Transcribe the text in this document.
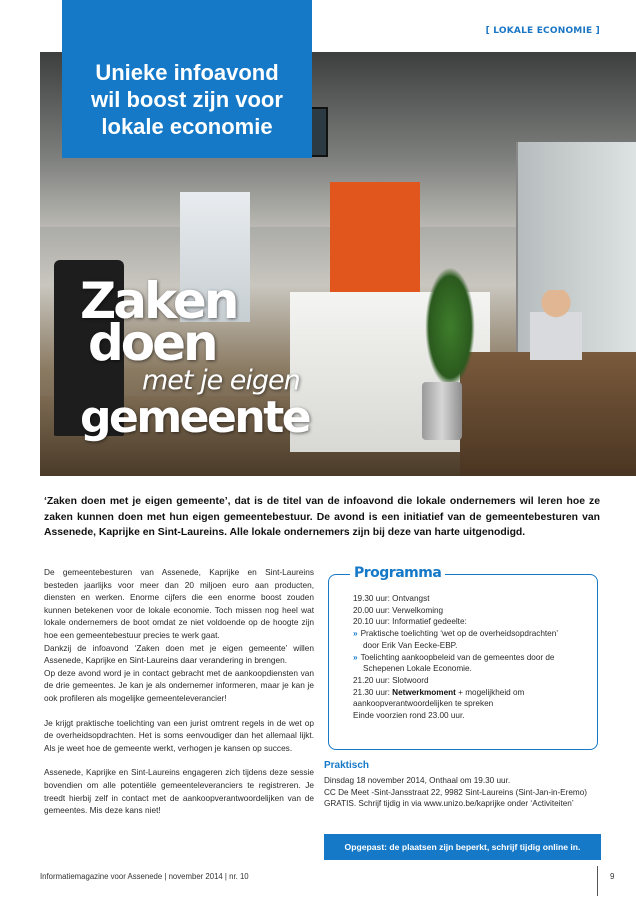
[ LOKALE ECONOMIE ]
Unieke infoavond
wil boost zijn voor
lokale economie
Zaken
doen
met je eigen
gemeente

‘Zaken doen met je eigen gemeente’, dat is de titel van de infoavond die lokale ondernemers wil leren hoe ze zaken kunnen doen met hun eigen gemeentebestuur. De avond is een initiatief van de gemeentebesturen van Assenede, Kaprijke en Sint-Laureins. Alle lokale ondernemers zijn bij deze van harte uitgenodigd.

De gemeentebesturen van Assenede, Kaprijke en Sint-Laureins besteden jaarlijks voor meer dan 20 miljoen euro aan producten, diensten en werken. Enorme cijfers die een enorme boost zouden kunnen betekenen voor de lokale economie. Toch missen nog heel wat lokale ondernemers de boot omdat ze niet voldoende op de hoogte zijn hoe een gemeentebestuur precies te werk gaat.

Dankzij de infoavond ‘Zaken doen met je eigen gemeente’ willen Assenede, Kaprijke en Sint-Laureins daar verandering in brengen.

Op deze avond word je in contact gebracht met de aankoopdiensten van de drie gemeentes. Je kan je als ondernemer informeren, maar je kan je ook profileren als mogelijke gemeenteleverancier!

Je krijgt praktische toelichting van een jurist omtrent regels in de wet op de overheidsopdrachten. Het is soms eenvoudiger dan het allemaal lijkt. Als je weet hoe de gemeente werkt, verhogen je kansen op succes.

Assenede, Kaprijke en Sint-Laureins engageren zich tijdens deze sessie bovendien om alle potentiële gemeenteleveranciers te registreren. Je treedt hierbij zelf in contact met de aankoopverantwoordelijken van de gemeentes. Mis deze kans niet!

19.30 uur: Ontvangst
20.00 uur: Verwelkoming
20.10 uur: Informatief gedeelte:
» Praktische toelichting ‘wet op de overheidsopdrachten’
door Erik Van Eecke-EBP.
» Toelichting aankoopbeleid van de gemeentes door de
Schepenen Lokale Economie.
21.20 uur: Slotwoord
21.30 uur: Netwerkmoment + mogelijkheid om
aankoopverantwoordelijken te spreken
Einde voorzien rond 23.00 uur.
Programma
Praktisch
Dinsdag 18 november 2014, Onthaal om 19.30 uur.
CC De Meet -Sint-Jansstraat 22, 9982 Sint-Laureins (Sint-Jan-in-Eremo)
GRATIS. Schrijf tijdig in via www.unizo.be/kaprijke onder ‘Activiteiten’
Opgepast: de plaatsen zijn beperkt, schrijf tijdig online in.
Informatiemagazine voor Assenede | november 2014 | nr. 10	9
